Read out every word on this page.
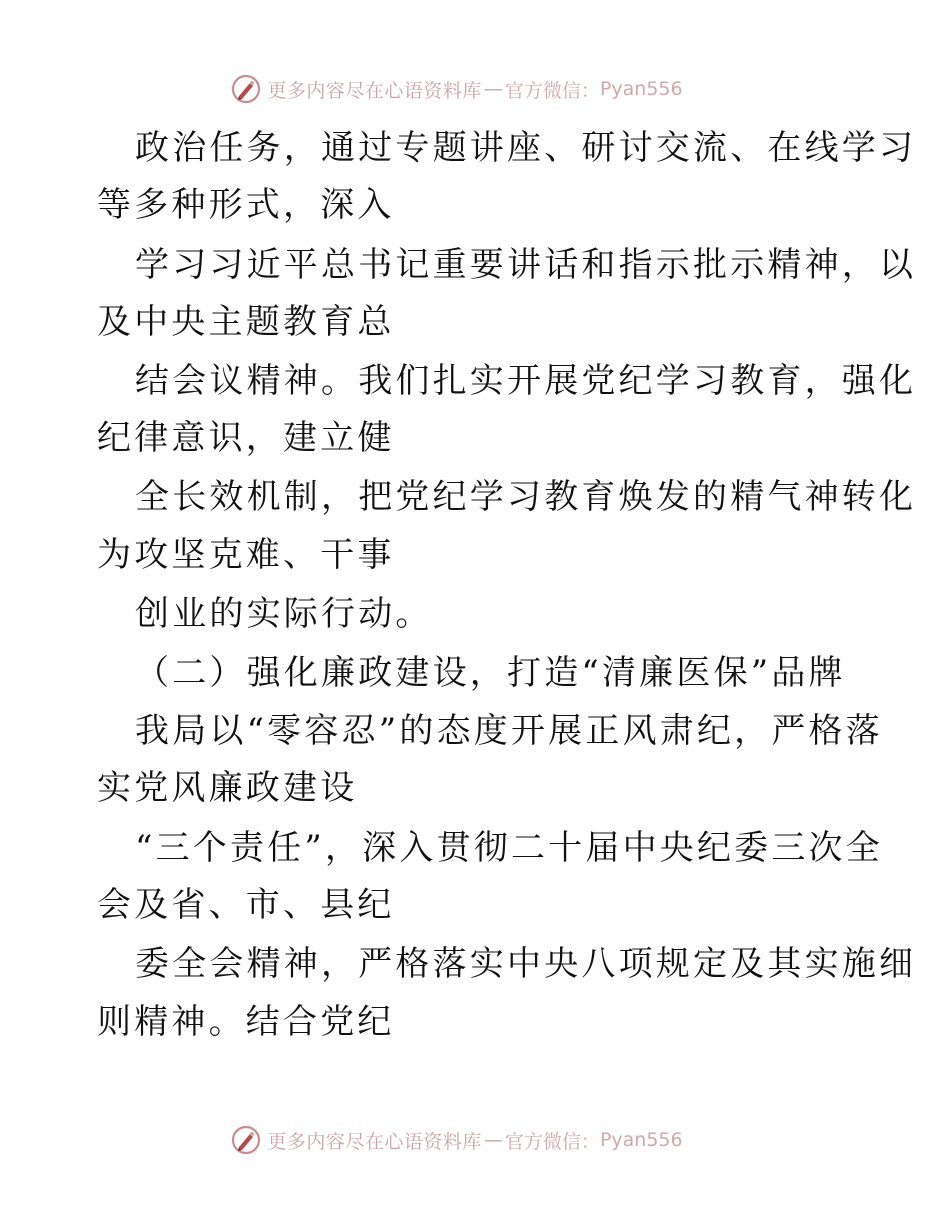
更多内容尽在心语资料库 — 官方微信： Pyan556
政治任务，通过专题讲座、研讨交流、在线学习
等多种形式，深入
学习习近平总书记重要讲话和指示批示精神，以
及中央主题教育总
结会议精神。我们扎实开展党纪学习教育，强化
纪律意识，建立健
全长效机制，把党纪学习教育焕发的精气神转化
为攻坚克难、干事
创业的实际行动。
（二）强化廉政建设，打造“清廉医保”品牌
我局以“零容忍”的态度开展正风肃纪，严格落
实党风廉政建设
“三个责任”，深入贯彻二十届中央纪委三次全
会及省、市、县纪
委全会精神，严格落实中央八项规定及其实施细
则精神。结合党纪
更多内容尽在心语资料库 — 官方微信： Pyan556
